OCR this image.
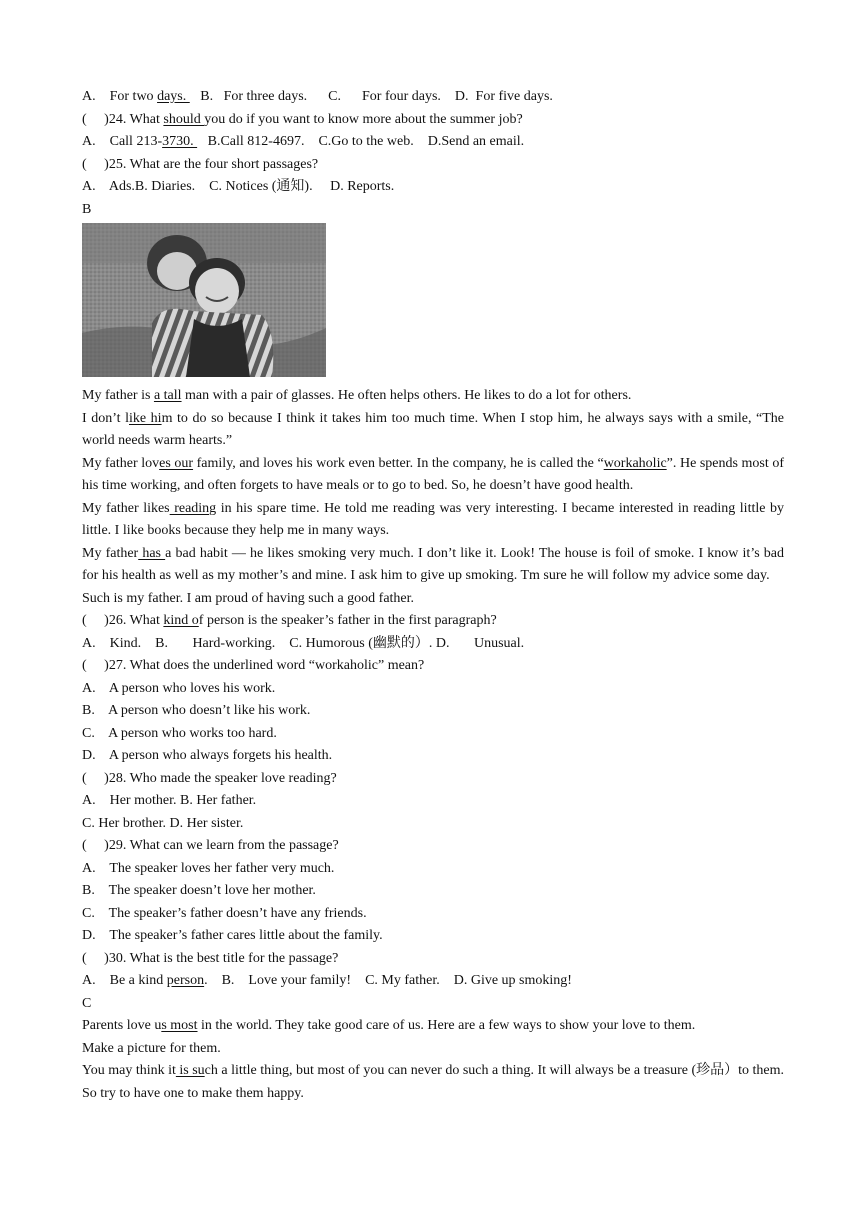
A.    For two days.    B.   For three days.      C.      For four days.    D.  For five days.
(     )24. What should you do if you want to know more about the summer job?
A.    Call 213-3730.    B.Call 812-4697.    C.Go to the web.    D.Send an email.
(     )25. What are the four short passages?
A.    Ads.B. Diaries.    C. Notices (通知).     D. Reports.
B
My father is a tall man with a pair of glasses. He often helps others. He likes to do a lot for others.
I don’t like him to do so because I think it takes him too much time. When I stop him, he always says with a smile, “The world needs warm hearts.”
My father loves our family, and loves his work even better. In the company, he is called the “workaholic”. He spends most of his time working, and often forgets to have meals or to go to bed. So, he doesn’t have good health.
My father likes reading in his spare time. He told me reading was very interesting. I became interested in reading little by little. I like books because they help me in many ways.
My father has a bad habit — he likes smoking very much. I don’t like it. Look! The house is foil of smoke. I know it’s bad for his health as well as my mother’s and mine. I ask him to give up smoking. Tm sure he will follow my advice some day.
Such is my father. I am proud of having such a good father.
(     )26. What kind of person is the speaker’s father in the first paragraph?
A.    Kind.    B.       Hard-working.    C. Humorous (幽默的）. D.       Unusual.
(     )27. What does the underlined word “workaholic” mean?
A.    A person who loves his work.
B.    A person who doesn’t like his work.
C.    A person who works too hard.
D.    A person who always forgets his health.
(     )28. Who made the speaker love reading?
A.    Her mother. B. Her father.
C. Her brother. D. Her sister.
(     )29. What can we learn from the passage?
A.    The speaker loves her father very much.
B.    The speaker doesn’t love her mother.
C.    The speaker’s father doesn’t have any friends.
D.    The speaker’s father cares little about the family.
(     )30. What is the best title for the passage?
A.    Be a kind person.    B.    Love your family!    C. My father.    D. Give up smoking!
C
Parents love us most in the world. They take good care of us. Here are a few ways to show your love to them.
Make a picture for them.
You may think it is such a little thing, but most of you can never do such a thing. It will always be a treasure (珍品）to them. So try to have one to make them happy.
